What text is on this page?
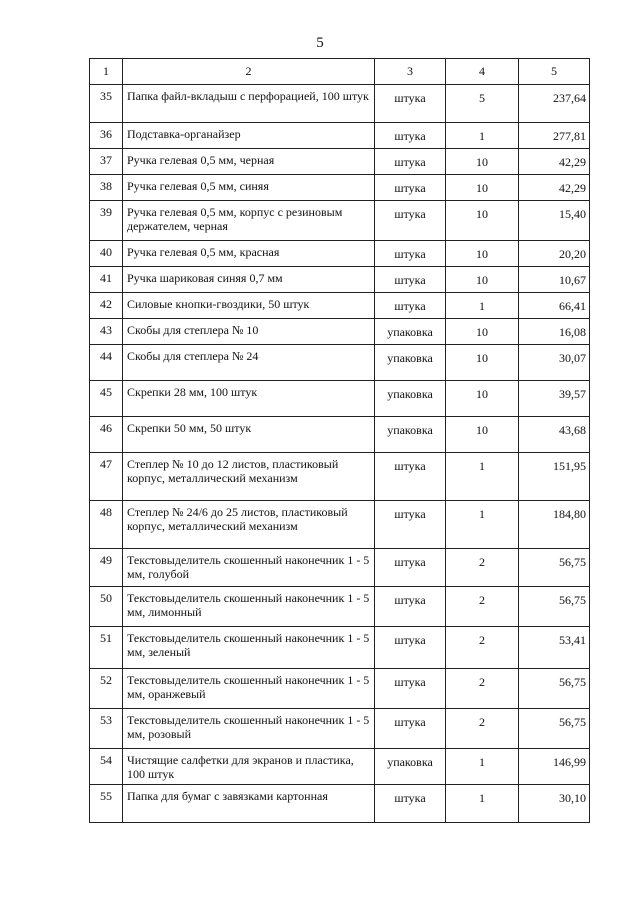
5
1	2	3	4	5
35	Папка файл-вкладыш с перфорацией, 100 штук	штука	5	237,64
36	Подставка-органайзер	штука	1	277,81
37	Ручка гелевая 0,5 мм, черная	штука	10	42,29
38	Ручка гелевая 0,5 мм, синяя	штука	10	42,29
39	Ручка гелевая 0,5 мм, корпус с резиновым держателем, черная	штука	10	15,40
40	Ручка гелевая 0,5 мм, красная	штука	10	20,20
41	Ручка шариковая синяя 0,7 мм	штука	10	10,67
42	Силовые кнопки-гвоздики, 50 штук	штука	1	66,41
43	Скобы для степлера № 10	упаковка	10	16,08
44	Скобы для степлера № 24	упаковка	10	30,07
45	Скрепки 28 мм, 100 штук	упаковка	10	39,57
46	Скрепки 50 мм, 50 штук	упаковка	10	43,68
47	Степлер № 10 до 12 листов, пластиковый корпус, металлический механизм	штука	1	151,95
48	Степлер № 24/6 до 25 листов, пластиковый корпус, металлический механизм	штука	1	184,80
49	Текстовыделитель скошенный наконечник 1 - 5 мм, голубой	штука	2	56,75
50	Текстовыделитель скошенный наконечник 1 - 5 мм, лимонный	штука	2	56,75
51	Текстовыделитель скошенный наконечник 1 - 5 мм, зеленый	штука	2	53,41
52	Текстовыделитель скошенный наконечник 1 - 5 мм, оранжевый	штука	2	56,75
53	Текстовыделитель скошенный наконечник 1 - 5 мм, розовый	штука	2	56,75
54	Чистящие салфетки для экранов и пластика, 100 штук	упаковка	1	146,99
55	Папка для бумаг с завязками картонная	штука	1	30,10
